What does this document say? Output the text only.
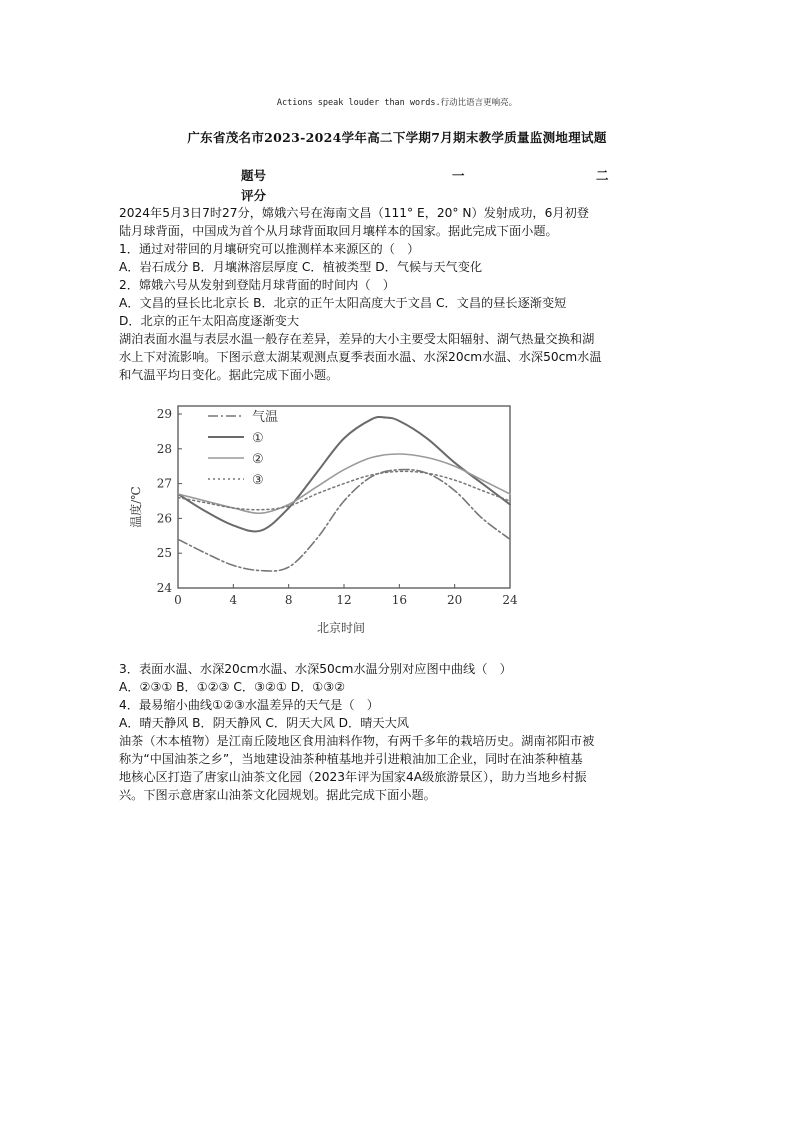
Actions speak louder than words.行动比语言更响亮。
广东省茂名市2023-2024学年高二下学期7月期末教学质量监测地理试题
题号	一	二
评分

2024年5月3日7时27分，嫦娥六号在海南文昌（111° E，20° N）发射成功，6月初登

陆月球背面，中国成为首个从月球背面取回月壤样本的国家。据此完成下面小题。

1．通过对带回的月壤研究可以推测样本来源区的（　）

A．岩石成分 B．月壤淋溶层厚度 C．植被类型 D．气候与天气变化

2．嫦娥六号从发射到登陆月球背面的时间内（　）

A．文昌的昼长比北京长 B．北京的正午太阳高度大于文昌 C．文昌的昼长逐渐变短

D．北京的正午太阳高度逐渐变大

湖泊表面水温与表层水温一般存在差异，差异的大小主要受太阳辐射、湖气热量交换和湖

水上下对流影响。下图示意太湖某观测点夏季表面水温、水深20cm水温、水深50cm水温

和气温平均日变化。据此完成下面小题。

0	4	8	12	16	20	24
24
25
26
27
28
29	气温
①
②
③
温度/℃
北京时间

3．表面水温、水深20cm水温、水深50cm水温分别对应图中曲线（　）

A．②③① B．①②③ C．③②① D．①③②

4．最易缩小曲线①②③水温差异的天气是（　）

A．晴天静风 B．阴天静风 C．阴天大风 D．晴天大风

油茶（木本植物）是江南丘陵地区食用油料作物，有两千多年的栽培历史。湖南祁阳市被

称为“中国油茶之乡”，当地建设油茶种植基地并引进粮油加工企业，同时在油茶种植基

地核心区打造了唐家山油茶文化园（2023年评为国家4A级旅游景区），助力当地乡村振

兴。下图示意唐家山油茶文化园规划。据此完成下面小题。
